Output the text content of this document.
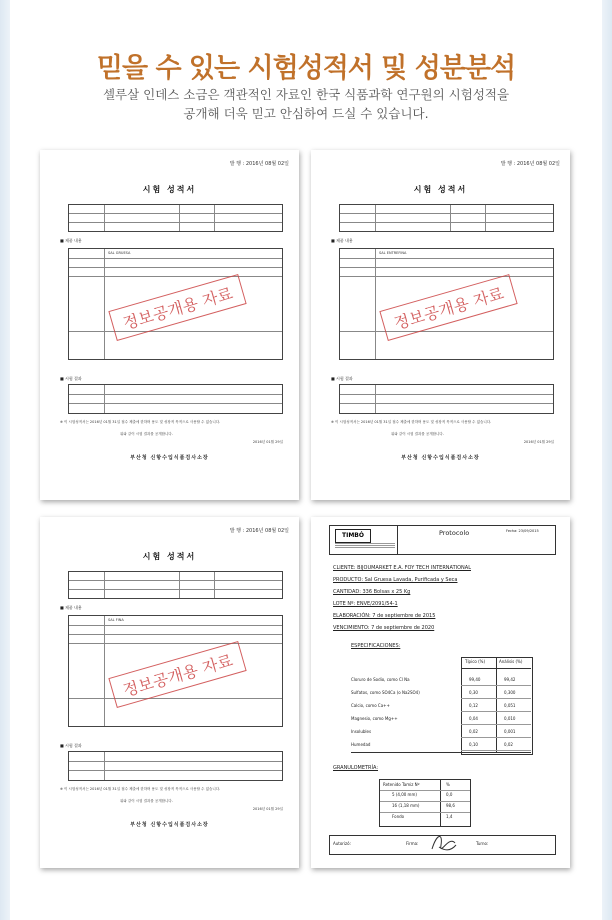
믿을 수 있는 시험성적서 및 성분분석
셀루살 인데스 소금은 객관적인 자료인 한국 식품과학 연구원의 시험성적을
공개해 더욱 믿고 안심하여 드실 수 있습니다.
발 행 : 2016년 08월 02일
시험 성적서
■ 제품 내용
SAL GRUESA
정보공개용 자료
■ 시험 결과
※ 이 시험성적서는 2016년 01월 31일 접수 제출에 한하며 용도 및 성장적 목적으로 사용할 수 없습니다.
위와 같이 시험 결과를 공개합니다.
2016년 01월 29일
부산청 신항수입식품검사소장
발 행 : 2016년 08월 02일
시험 성적서
■ 제품 내용
SAL ENTREFINA
정보공개용 자료
■ 시험 결과
※ 이 시험성적서는 2016년 01월 31일 접수 제출에 한하며 용도 및 성장적 목적으로 사용할 수 없습니다.
위와 같이 시험 결과를 공개합니다.
2016년 01월 29일
부산청 신항수입식품검사소장
발 행 : 2016년 08월 02일
시험 성적서
■ 제품 내용
SAL FINA
정보공개용 자료
■ 시험 결과
※ 이 시험성적서는 2016년 01월 31일 접수 제출에 한하며 용도 및 성장적 목적으로 사용할 수 없습니다.
위와 같이 시험 결과를 공개합니다.
2016년 01월 29일
부산청 신항수입식품검사소장
TIMBÓ	Protocolo	Fecha: 23/09/2015
CLIENTE: BIJOUMARKET E.A. FOY TECH INTERNATIONAL
PRODUCTO: Sal Gruesa Lavada, Purificada y Seca
CANTIDAD: 336 Bolsas x 25 Kg
LOTE Nº: ENVE/2091/54-1
ELABORACIÓN: 7 de septiembre de 2015
VENCIMIENTO: 7 de septiembre de 2020
ESPECIFICACIONES:
Típico (%)	Análisis (%)
Cloruro de Sodio, como Cl Na	99,40	99,42
Sulfatos, como SO4Ca (o Na2SO4)	0,30	0,300
Calcio, como Ca++	0,12	0,051
Magnesio, como Mg++	0,04	0,010
Insolubles	0,02	0,001
Humedad	0,10	0,02
GRANULOMETRÍA:
Retenido Tamiz Nº	%
5 (4,00 mm)	0,0
16 (1,18 mm)	98,6
Fondo	1,4
Autorizó:	Firma:	Turno:
